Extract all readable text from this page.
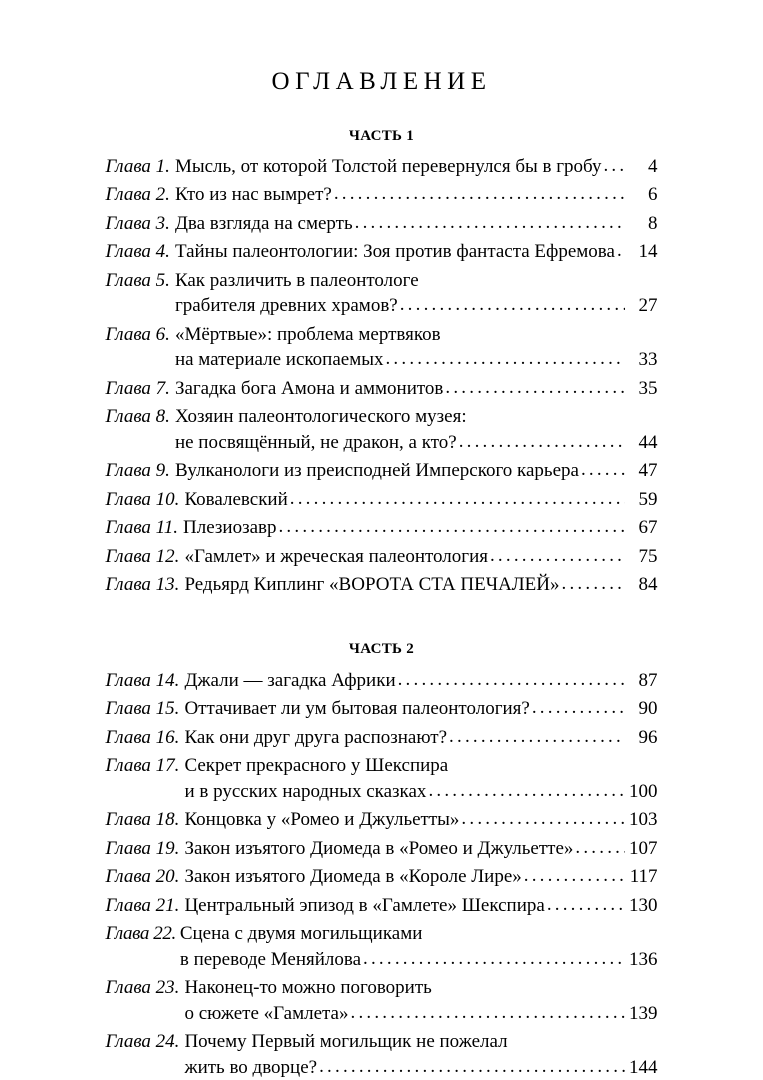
ОГЛАВЛЕНИЕ
ЧАСТЬ 1
Глава 1. Мысль, от которой Толстой перевернулся бы в гробу .....	4
Глава 2. Кто из нас вымрет? .....	6
Глава 3. Два взгляда на смерть .....	8
Глава 4. Тайны палеонтологии: Зоя против фантаста Ефремова .....	14
Глава 5. Как различить в палеонтологе
грабителя древних храмов? .....	27
Глава 6. «Мёртвые»: проблема мертвяков
на материале ископаемых .....	33
Глава 7. Загадка бога Амона и аммонитов .....	35
Глава 8. Хозяин палеонтологического музея:
не посвящённый, не дракон, а кто? .....	44
Глава 9. Вулканологи из преисподней Имперского карьера .....	47
Глава 10. Ковалевский .....	59
Глава 11. Плезиозавр .....	67
Глава 12. «Гамлет» и жреческая палеонтология .....	75
Глава 13. Редьярд Киплинг «ВОРОТА СТА ПЕЧАЛЕЙ» .....	84
ЧАСТЬ 2
Глава 14. Джали — загадка Африки .....	87
Глава 15. Оттачивает ли ум бытовая палеонтология? .....	90
Глава 16. Как они друг друга распознают? .....	96
Глава 17. Секрет прекрасного у Шекспира
и в русских народных сказках .....	100
Глава 18. Концовка у «Ромео и Джульетты» .....	103
Глава 19. Закон изъятого Диомеда в «Ромео и Джульетте» .....	107
Глава 20. Закон изъятого Диомеда в «Короле Лире» .....	117
Глава 21. Центральный эпизод в «Гамлете» Шекспира .....	130
Глава 22. Сцена с двумя могильщиками
в переводе Меняйлова .....	136
Глава 23. Наконец-то можно поговорить
о сюжете «Гамлета» .....	139
Глава 24. Почему Первый могильщик не пожелал
жить во дворце? .....	144
